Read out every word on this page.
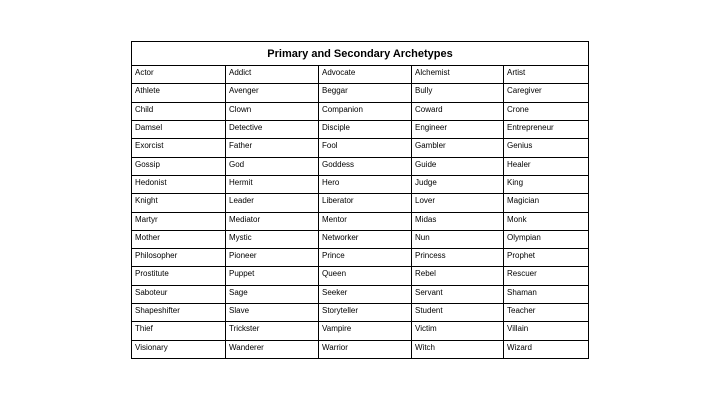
Primary and Secondary Archetypes				
Actor	Addict	Advocate	Alchemist	Artist
Athlete	Avenger	Beggar	Bully	Caregiver
Child	Clown	Companion	Coward	Crone
Damsel	Detective	Disciple	Engineer	Entrepreneur
Exorcist	Father	Fool	Gambler	Genius
Gossip	God	Goddess	Guide	Healer
Hedonist	Hermit	Hero	Judge	King
Knight	Leader	Liberator	Lover	Magician
Martyr	Mediator	Mentor	Midas	Monk
Mother	Mystic	Networker	Nun	Olympian
Philosopher	Pioneer	Prince	Princess	Prophet
Prostitute	Puppet	Queen	Rebel	Rescuer
Saboteur	Sage	Seeker	Servant	Shaman
Shapeshifter	Slave	Storyteller	Student	Teacher
Thief	Trickster	Vampire	Victim	Villain
Visionary	Wanderer	Warrior	Witch	Wizard
